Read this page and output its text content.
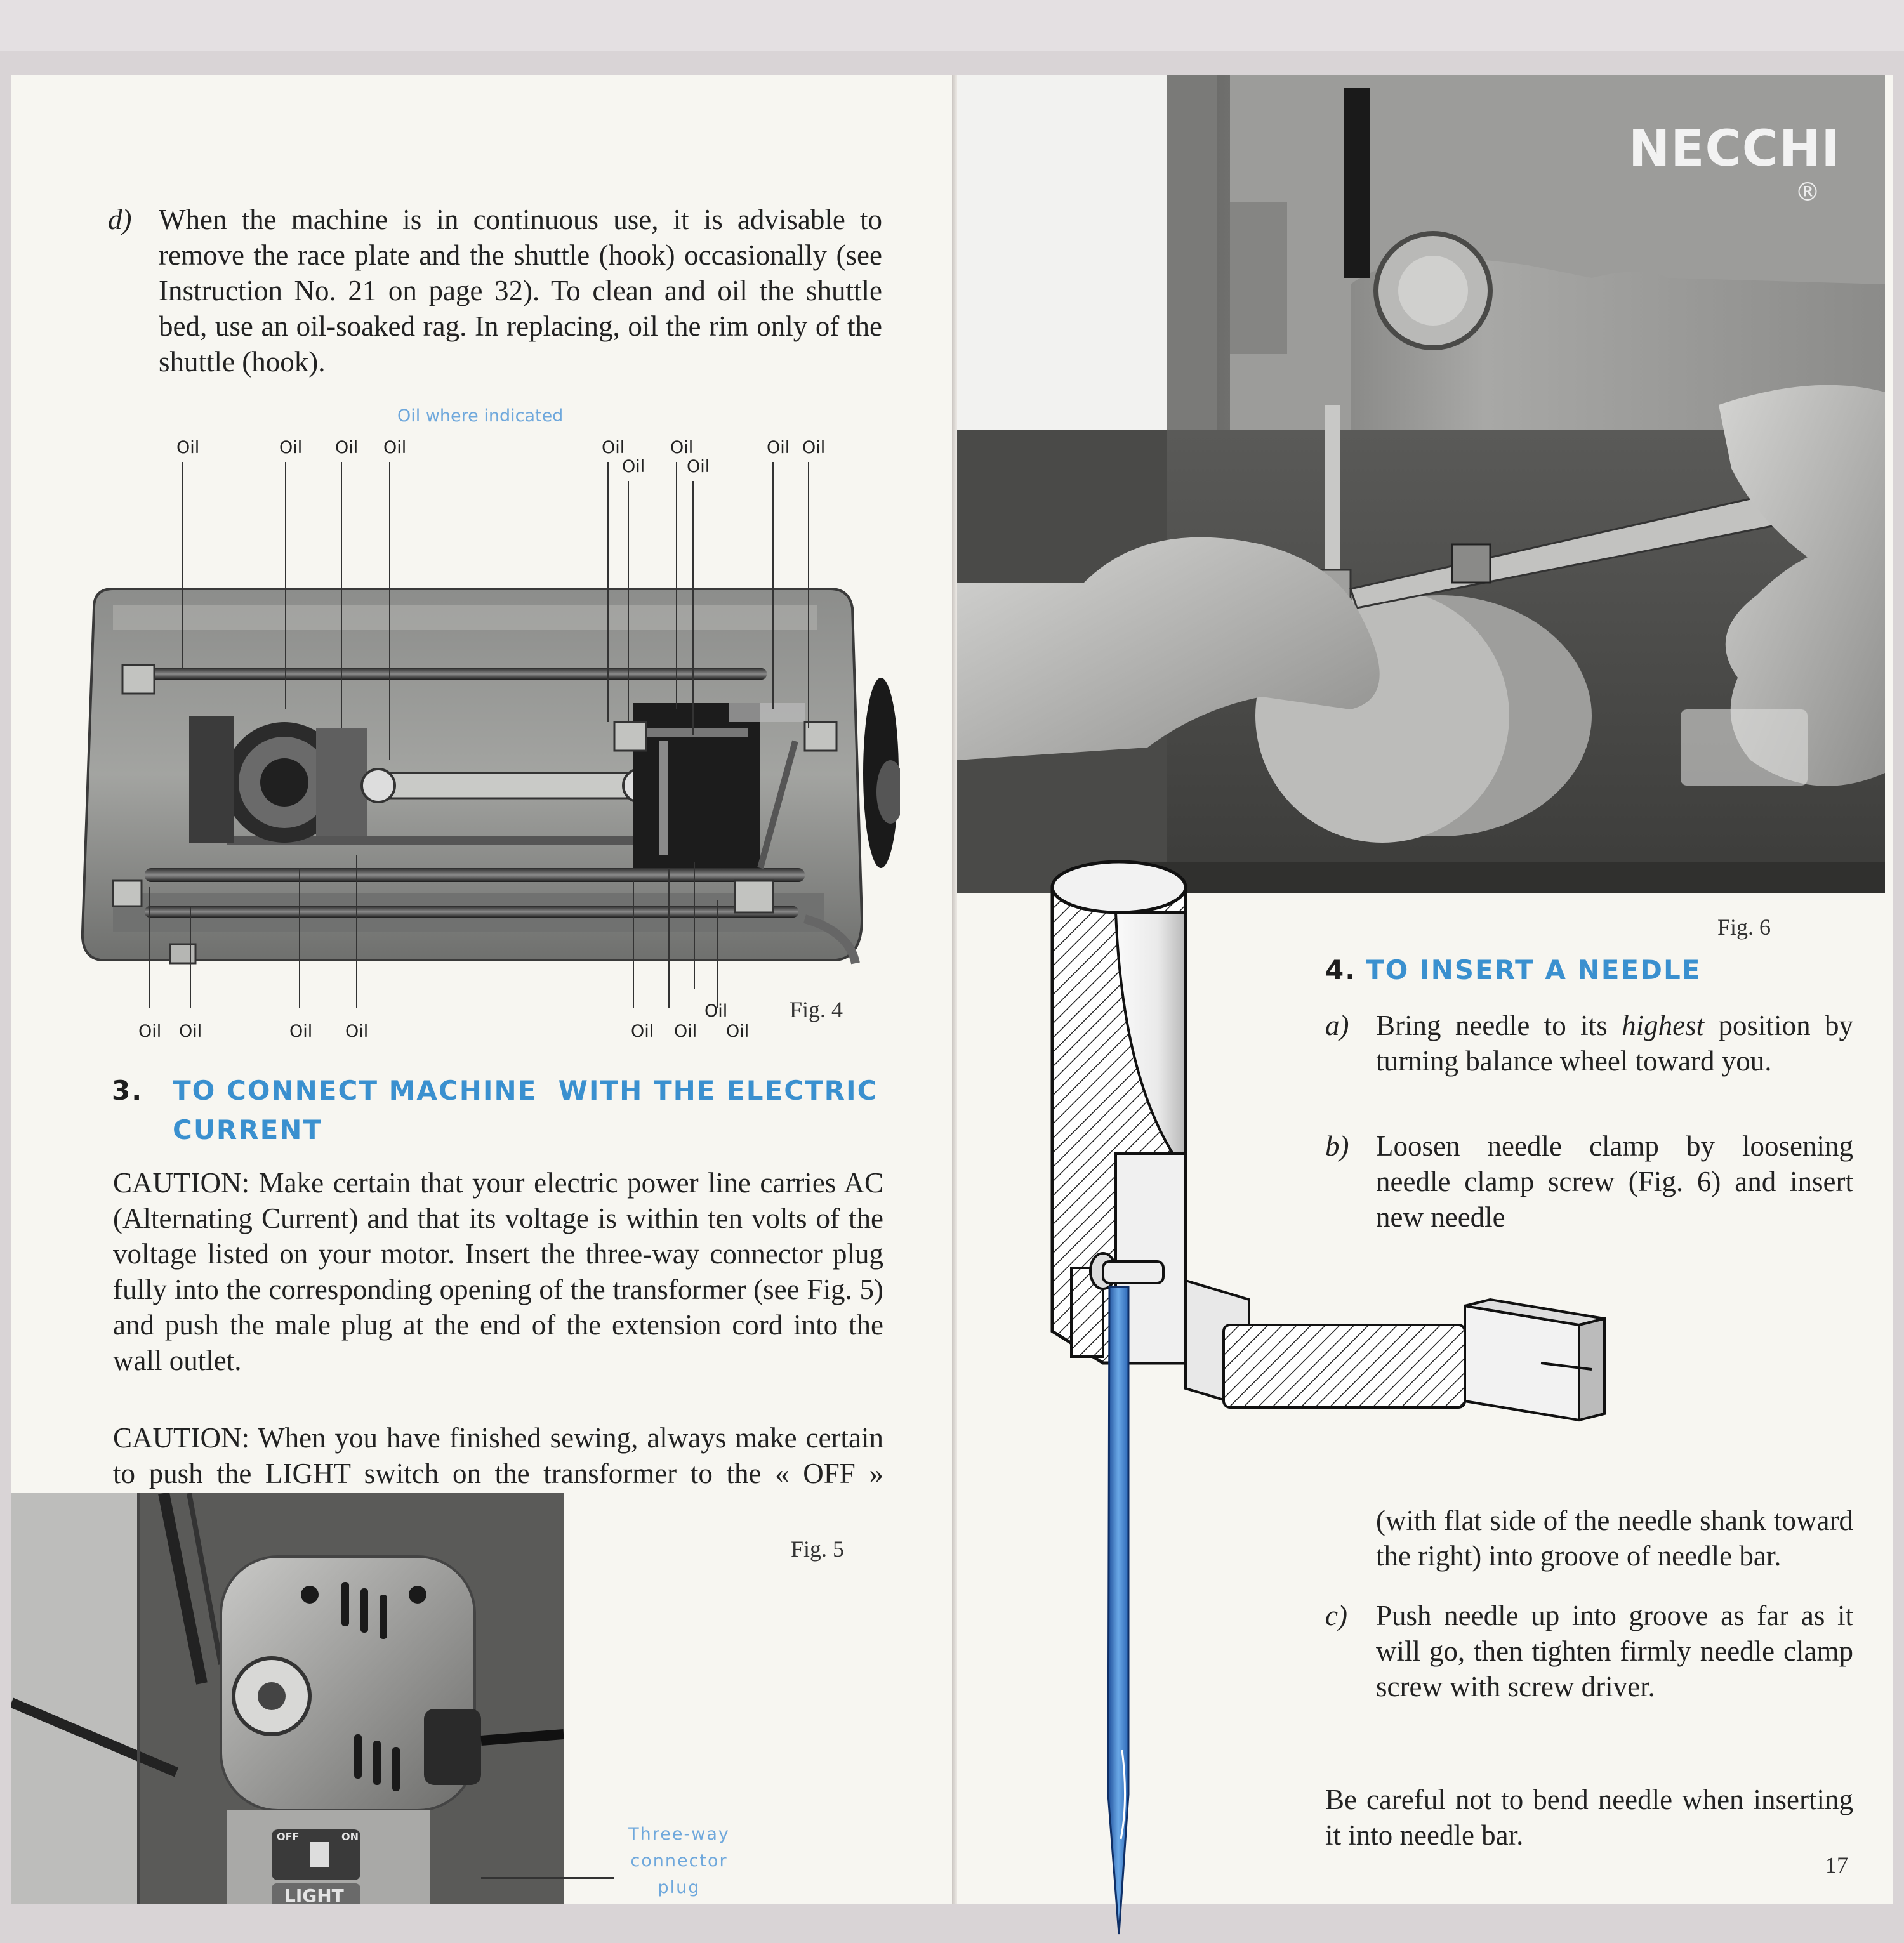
d) When the machine is in continuous use, it is advisable to remove the race plate and the shuttle (hook) occasionally (see Instruction No. 21 on page 32). To clean and oil the shuttle bed, use an oil-soaked rag. In replacing, oil the rim only of the shuttle (hook).
Oil where indicated
Oil	Oil Oil Oil	Oil
Oil
Oil
Oil
Oil Oil
Oil Oil	Oil Oil
Oil
Oil Oil Oil
Fig. 4
3. TO CONNECT MACHINE  WITH THE ELECTRIC
CURRENT
CAUTION: Make certain that your electric power line carries AC (Alternating Current) and that its voltage is within ten volts of the voltage listed on your motor. Insert the three-way connector plug fully into the corresponding opening of the transformer (see Fig. 5) and push the male plug at the end of the extension cord into the wall outlet.
CAUTION: When you have finished sewing, always make certain to push the LIGHT switch on the transformer to the « OFF »
Fig. 5
OFF	ON
LIGHT
Three-way connector plug
NECCHI
®
Fig. 6
4. TO INSERT A NEEDLE
a) Bring needle to its highest position by turning balance wheel toward you.
b) Loosen needle clamp by loosening needle clamp screw (Fig. 6) and insert new needle
(with flat side of the needle shank toward the right) into groove of needle bar.
c) Push needle up into groove as far as it will go, then tighten firmly needle clamp screw with screw driver.
Be careful not to bend needle when inserting it into needle bar.
17
